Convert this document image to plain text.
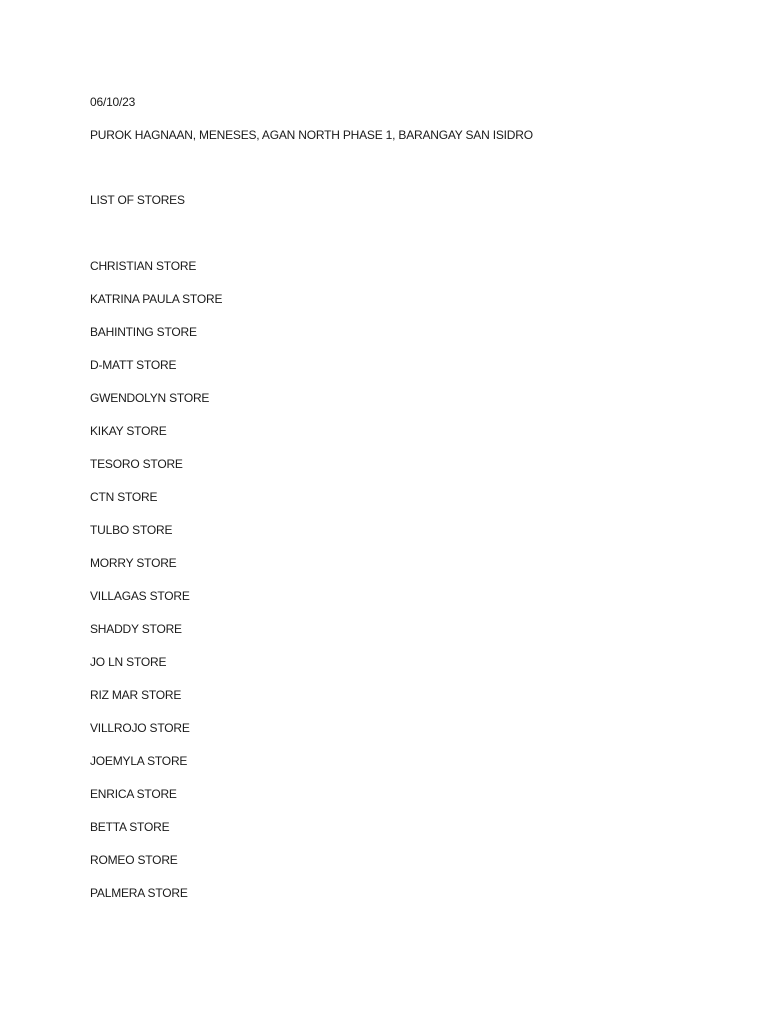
06/10/23
PUROK HAGNAAN, MENESES, AGAN NORTH PHASE 1, BARANGAY SAN ISIDRO
LIST OF STORES
CHRISTIAN STORE
KATRINA PAULA STORE
BAHINTING STORE
D-MATT STORE
GWENDOLYN STORE
KIKAY STORE
TESORO STORE
CTN STORE
TULBO STORE
MORRY STORE
VILLAGAS STORE
SHADDY STORE
JO LN STORE
RIZ MAR STORE
VILLROJO STORE
JOEMYLA STORE
ENRICA STORE
BETTA STORE
ROMEO STORE
PALMERA STORE
